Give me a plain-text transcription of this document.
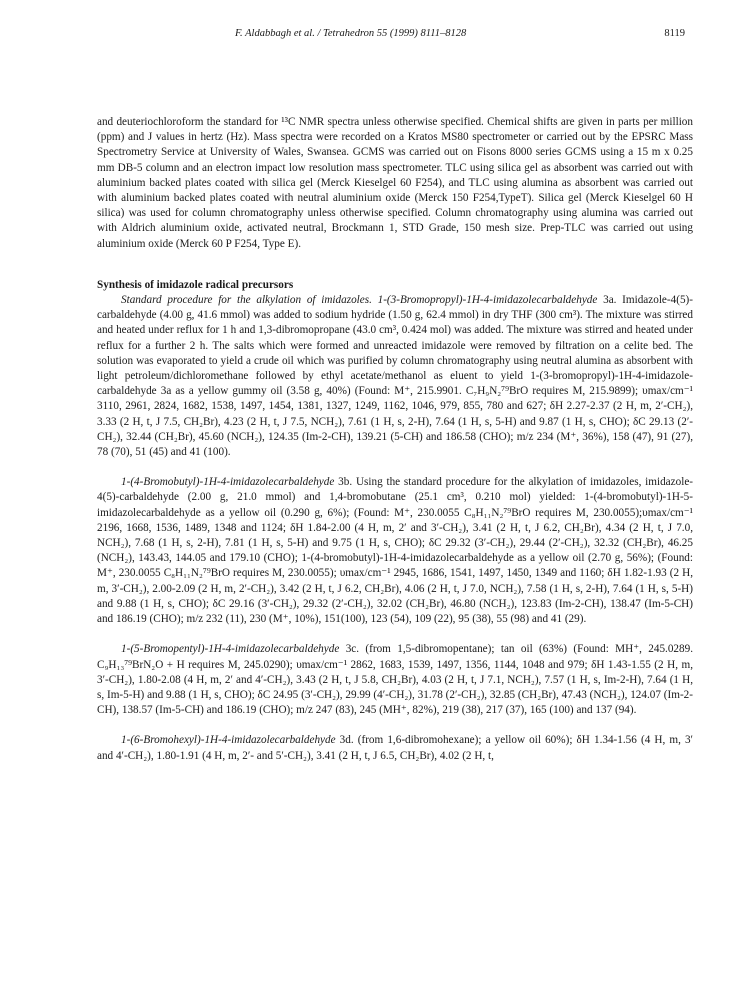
F. Aldabbagh et al. / Tetrahedron 55 (1999) 8111–8128	8119

and deuteriochloroform the standard for ¹³C NMR spectra unless otherwise specified. Chemical shifts are given in parts per million (ppm) and J values in hertz (Hz). Mass spectra were recorded on a Kratos MS80 spectrometer or carried out by the EPSRC Mass Spectrometry Service at University of Wales, Swansea. GCMS was carried out on Fisons 8000 series GCMS using a 15 m x 0.25 mm DB-5 column and an electron impact low resolution mass spectrometer. TLC using silica gel as absorbent was carried out with aluminium backed plates coated with silica gel (Merck Kieselgel 60 F254), and TLC using alumina as absorbent was carried out with aluminium backed plates coated with neutral aluminium oxide (Merck 150 F254,TypeT). Silica gel (Merck Kieselgel 60 H silica) was used for column chromatography unless otherwise specified. Column chromatography using alumina was carried out with Aldrich aluminium oxide, activated neutral, Brockmann 1, STD Grade, 150 mesh size. Prep-TLC was carried out using aluminium oxide (Merck 60 P F254, Type E).

Synthesis of imidazole radical precursors

Standard procedure for the alkylation of imidazoles. 1-(3-Bromopropyl)-1H-4-imidazolecarbaldehyde 3a. Imidazole-4(5)-carbaldehyde (4.00 g, 41.6 mmol) was added to sodium hydride (1.50 g, 62.4 mmol) in dry THF (300 cm³). The mixture was stirred and heated under reflux for 1 h and 1,3-dibromopropane (43.0 cm³, 0.424 mol) was added. The mixture was stirred and heated under reflux for a further 2 h. The salts which were formed and unreacted imidazole were removed by filtration on a celite bed. The solution was evaporated to yield a crude oil which was purified by column chromatography using neutral alumina as absorbent with light petroleum/dichloromethane followed by ethyl acetate/methanol as eluent to yield 1-(3-bromopropyl)-1H-4-imidazole-carbaldehyde 3a as a yellow gummy oil (3.58 g, 40%) (Found: M⁺, 215.9901. C₇H₉N₂⁷⁹BrO requires M, 215.9899); υmax/cm⁻¹ 3110, 2961, 2824, 1682, 1538, 1497, 1454, 1381, 1327, 1249, 1162, 1046, 979, 855, 780 and 627; δH 2.27-2.37 (2 H, m, 2′-CH₂), 3.33 (2 H, t, J 7.5, CH₂Br), 4.23 (2 H, t, J 7.5, NCH₂), 7.61 (1 H, s, 2-H), 7.64 (1 H, s, 5-H) and 9.87 (1 H, s, CHO); δC 29.13 (2′-CH₂), 32.44 (CH₂Br), 45.60 (NCH₂), 124.35 (Im-2-CH), 139.21 (5-CH) and 186.58 (CHO); m/z 234 (M⁺, 36%), 158 (47), 91 (27), 78 (70), 51 (45) and 41 (100).

1-(4-Bromobutyl)-1H-4-imidazolecarbaldehyde 3b. Using the standard procedure for the alkylation of imidazoles, imidazole-4(5)-carbaldehyde (2.00 g, 21.0 mmol) and 1,4-bromobutane (25.1 cm³, 0.210 mol) yielded: 1-(4-bromobutyl)-1H-5-imidazolecarbaldehyde as a yellow oil (0.290 g, 6%); (Found: M⁺, 230.0055 C₈H₁₁N₂⁷⁹BrO requires M, 230.0055);υmax/cm⁻¹ 2196, 1668, 1536, 1489, 1348 and 1124; δH 1.84-2.00 (4 H, m, 2′ and 3′-CH₂), 3.41 (2 H, t, J 6.2, CH₂Br), 4.34 (2 H, t, J 7.0, NCH₂), 7.68 (1 H, s, 2-H), 7.81 (1 H, s, 5-H) and 9.75 (1 H, s, CHO); δC 29.32 (3′-CH₂), 29.44 (2′-CH₂), 32.32 (CH₂Br), 46.25 (NCH₂), 143.43, 144.05 and 179.10 (CHO); 1-(4-bromobutyl)-1H-4-imidazolecarbaldehyde as a yellow oil (2.70 g, 56%); (Found: M⁺, 230.0055 C₈H₁₁N₂⁷⁹BrO requires M, 230.0055); υmax/cm⁻¹ 2945, 1686, 1541, 1497, 1450, 1349 and 1160; δH 1.82-1.93 (2 H, m, 3′-CH₂), 2.00-2.09 (2 H, m, 2′-CH₂), 3.42 (2 H, t, J 6.2, CH₂Br), 4.06 (2 H, t, J 7.0, NCH₂), 7.58 (1 H, s, 2-H), 7.64 (1 H, s, 5-H) and 9.88 (1 H, s, CHO); δC 29.16 (3′-CH₂), 29.32 (2′-CH₂), 32.02 (CH₂Br), 46.80 (NCH₂), 123.83 (Im-2-CH), 138.47 (Im-5-CH) and 186.19 (CHO); m/z 232 (11), 230 (M⁺, 10%), 151(100), 123 (54), 109 (22), 95 (38), 55 (98) and 41 (29).

1-(5-Bromopentyl)-1H-4-imidazolecarbaldehyde 3c. (from 1,5-dibromopentane); tan oil (63%) (Found: MH⁺, 245.0289. C₉H₁₃⁷⁹BrN₂O + H requires M, 245.0290); υmax/cm⁻¹ 2862, 1683, 1539, 1497, 1356, 1144, 1048 and 979; δH 1.43-1.55 (2 H, m, 3′-CH₂), 1.80-2.08 (4 H, m, 2′ and 4′-CH₂), 3.43 (2 H, t, J 5.8, CH₂Br), 4.03 (2 H, t, J 7.1, NCH₂), 7.57 (1 H, s, Im-2-H), 7.64 (1 H, s, Im-5-H) and 9.88 (1 H, s, CHO); δC 24.95 (3′-CH₂), 29.99 (4′-CH₂), 31.78 (2′-CH₂), 32.85 (CH₂Br), 47.43 (NCH₂), 124.07 (Im-2-CH), 138.57 (Im-5-CH) and 186.19 (CHO); m/z 247 (83), 245 (MH⁺, 82%), 219 (38), 217 (37), 165 (100) and 137 (94).

1-(6-Bromohexyl)-1H-4-imidazolecarbaldehyde 3d. (from 1,6-dibromohexane); a yellow oil 60%); δH 1.34-1.56 (4 H, m, 3′ and 4′-CH₂), 1.80-1.91 (4 H, m, 2′- and 5′-CH₂), 3.41 (2 H, t, J 6.5, CH₂Br), 4.02 (2 H, t,
